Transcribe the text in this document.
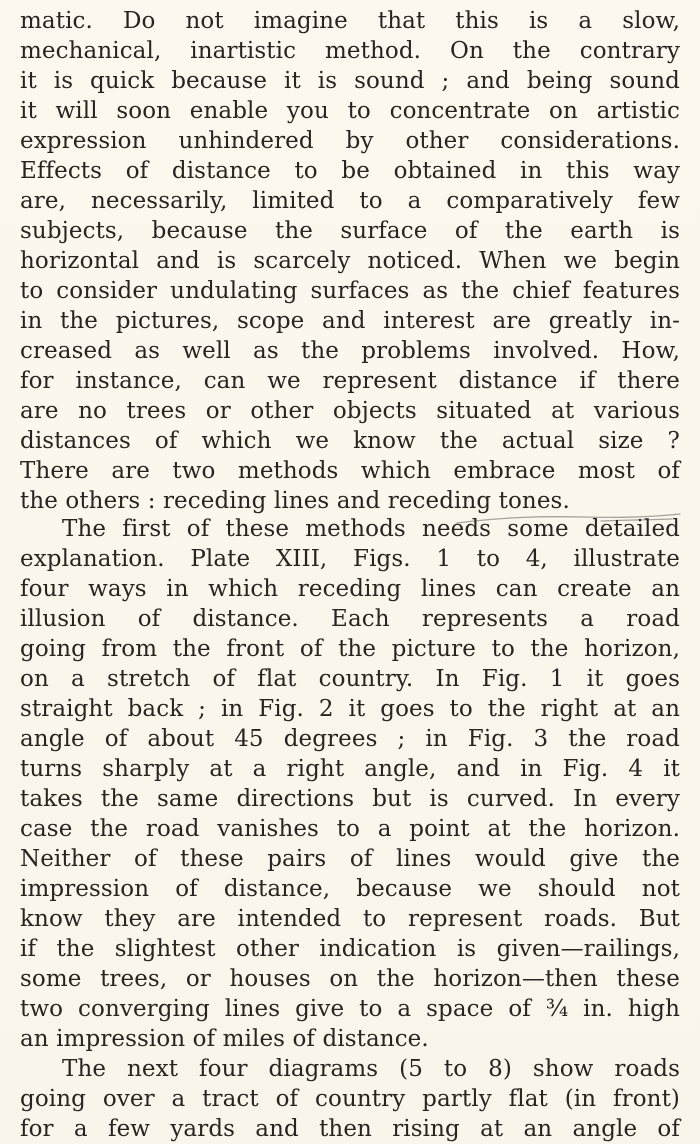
matic. Do not imagine that this is a slow,
mechanical, inartistic method. On the contrary
it is quick because it is sound ; and being sound
it will soon enable you to concentrate on artistic
expression unhindered by other considerations.
Effects of distance to be obtained in this way
are, necessarily, limited to a comparatively few
subjects, because the surface of the earth is
horizontal and is scarcely noticed. When we begin
to consider undulating surfaces as the chief features
in the pictures, scope and interest are greatly in-
creased as well as the problems involved. How,
for instance, can we represent distance if there
are no trees or other objects situated at various
distances of which we know the actual size ?
There are two methods which embrace most of
the others : receding lines and receding tones.
The first of these methods needs some detailed
explanation. Plate XIII, Figs. 1 to 4, illustrate
four ways in which receding lines can create an
illusion of distance. Each represents a road
going from the front of the picture to the horizon,
on a stretch of flat country. In Fig. 1 it goes
straight back ; in Fig. 2 it goes to the right at an
angle of about 45 degrees ; in Fig. 3 the road
turns sharply at a right angle, and in Fig. 4 it
takes the same directions but is curved. In every
case the road vanishes to a point at the horizon.
Neither of these pairs of lines would give the
impression of distance, because we should not
know they are intended to represent roads. But
if the slightest other indication is given—railings,
some trees, or houses on the horizon—then these
two converging lines give to a space of ¾ in. high
an impression of miles of distance.
The next four diagrams (5 to 8) show roads
going over a tract of country partly flat (in front)
for a few yards and then rising at an angle of
